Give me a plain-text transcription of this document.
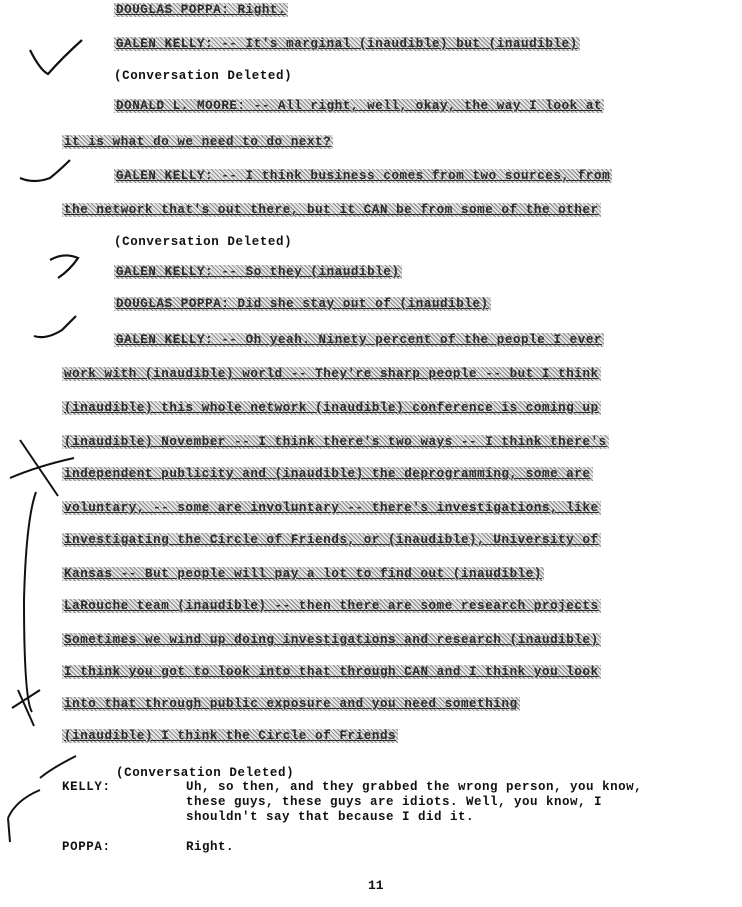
DOUGLAS POPPA: Right.
GALEN KELLY: -- It's marginal (inaudible) but (inaudible)
(Conversation Deleted)
DONALD L. MOORE: -- All right, well, okay, the way I look at
it is what do we need to do next?
GALEN KELLY: -- I think business comes from two sources, from
the network that's out there, but it CAN be from some of the other
(Conversation Deleted)
GALEN KELLY: -- So they (inaudible)
DOUGLAS POPPA: Did she stay out of (inaudible)
GALEN KELLY: -- Oh yeah. Ninety percent of the people I ever
work with (inaudible) world -- They're sharp people -- but I think
(inaudible) this whole network (inaudible) conference is coming up
(inaudible) November -- I think there's two ways -- I think there's
independent publicity and (inaudible) the deprogramming, some are
voluntary, -- some are involuntary -- there's investigations, like
investigating the Circle of Friends, or (inaudible), University of
Kansas -- But people will pay a lot to find out (inaudible)
LaRouche team (inaudible) -- then there are some research projects
Sometimes we wind up doing investigations and research (inaudible)
I think you got to look into that through CAN and I think you look
into that through public exposure and you need something
(inaudible) I think the Circle of Friends
(Conversation Deleted)
KELLY:	Uh, so then, and they grabbed the wrong person, you know,
these guys, these guys are idiots. Well, you know, I
shouldn't say that because I did it.
POPPA:	Right.
11
